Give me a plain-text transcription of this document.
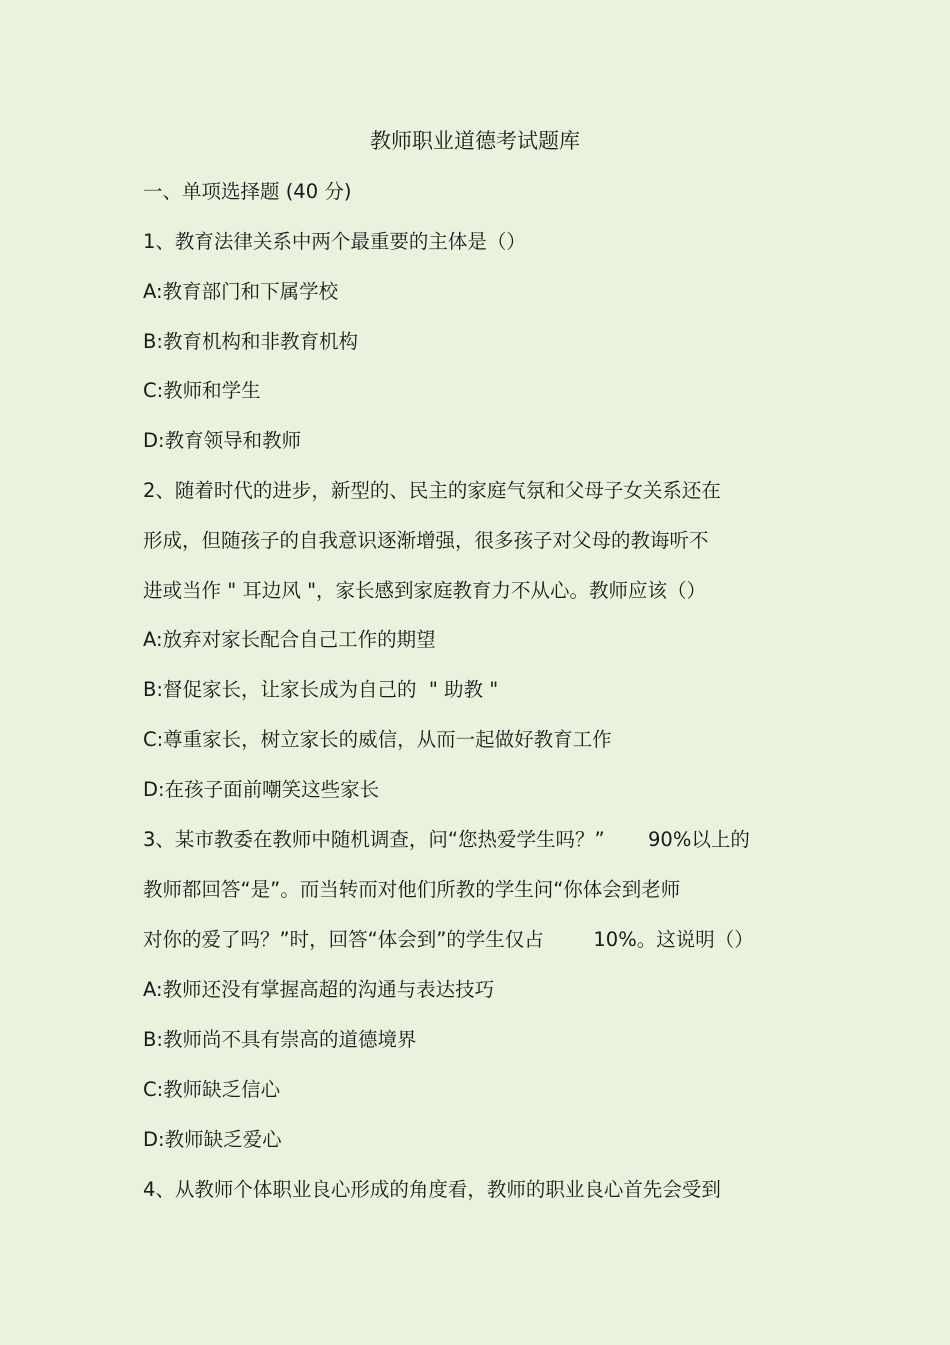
教师职业道德考试题库
一、单项选择题 (40 分)
1、教育法律关系中两个最重要的主体是（）
A:教育部门和下属学校
B:教育机构和非教育机构
C:教师和学生
D:教育领导和教师
2、随着时代的进步，新型的、民主的家庭气氛和父母子女关系还在
形成，但随孩子的自我意识逐渐增强，很多孩子对父母的教诲听不
进或当作 " 耳边风 "，家长感到家庭教育力不从心。教师应该（）
A:放弃对家长配合自己工作的期望
B:督促家长，让家长成为自己的  " 助教 "
C:尊重家长，树立家长的威信，从而一起做好教育工作
D:在孩子面前嘲笑这些家长
3、某市教委在教师中随机调查，问“您热爱学生吗？”       90%以上的
教师都回答“是”。而当转而对他们所教的学生问“你体会到老师
对你的爱了吗？”时，回答“体会到”的学生仅占        10%。这说明（）
A:教师还没有掌握高超的沟通与表达技巧
B:教师尚不具有崇高的道德境界
C:教师缺乏信心
D:教师缺乏爱心
4、从教师个体职业良心形成的角度看，教师的职业良心首先会受到
